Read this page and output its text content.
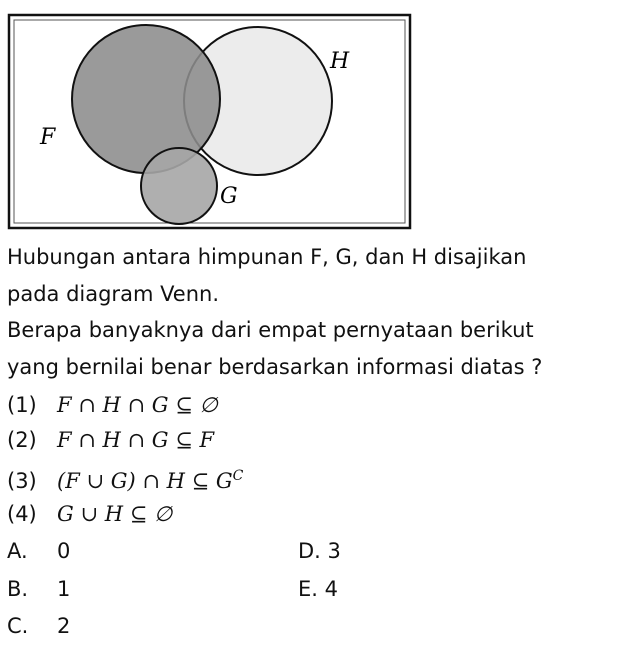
F
H
G
Hubungan antara himpunan F, G, dan H disajikan
pada diagram Venn.
Berapa banyaknya dari empat pernyataan berikut
yang bernilai benar berdasarkan informasi diatas ?
(1) F ∩ H ∩ G ⊆ ∅
(2) F ∩ H ∩ G ⊆ F
(3) (F ∪ G) ∩ H ⊆ $G^C$
(4) G ∪ H ⊆ ∅
A. 0
B. 1
C. 2
D. 3
E. 4
